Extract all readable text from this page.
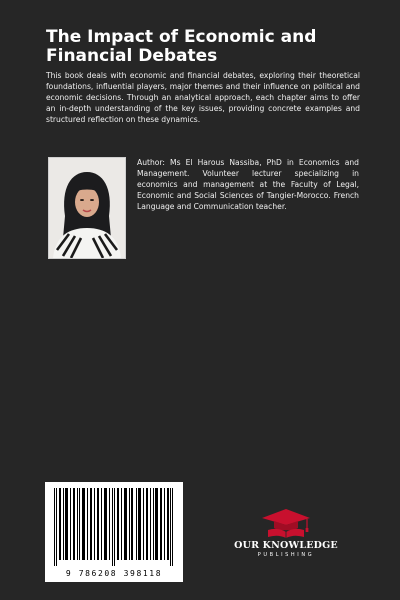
The Impact of Economic and Financial Debates

This book deals with economic and financial debates, exploring their theoretical foundations, influential players, major themes and their influence on political and economic decisions. Through an analytical approach, each chapter aims to offer an in-depth understanding of the key issues, providing concrete examples and structured reflection on these dynamics.

Author: Ms El Harous Nassiba, PhD in Economics and Management. Volunteer lecturer specializing in economics and management at the Faculty of Legal, Economic and Social Sciences of Tangier-Morocco. French Language and Communication teacher.

9 786208 398118
OUR KNOWLEDGE
PUBLISHING
